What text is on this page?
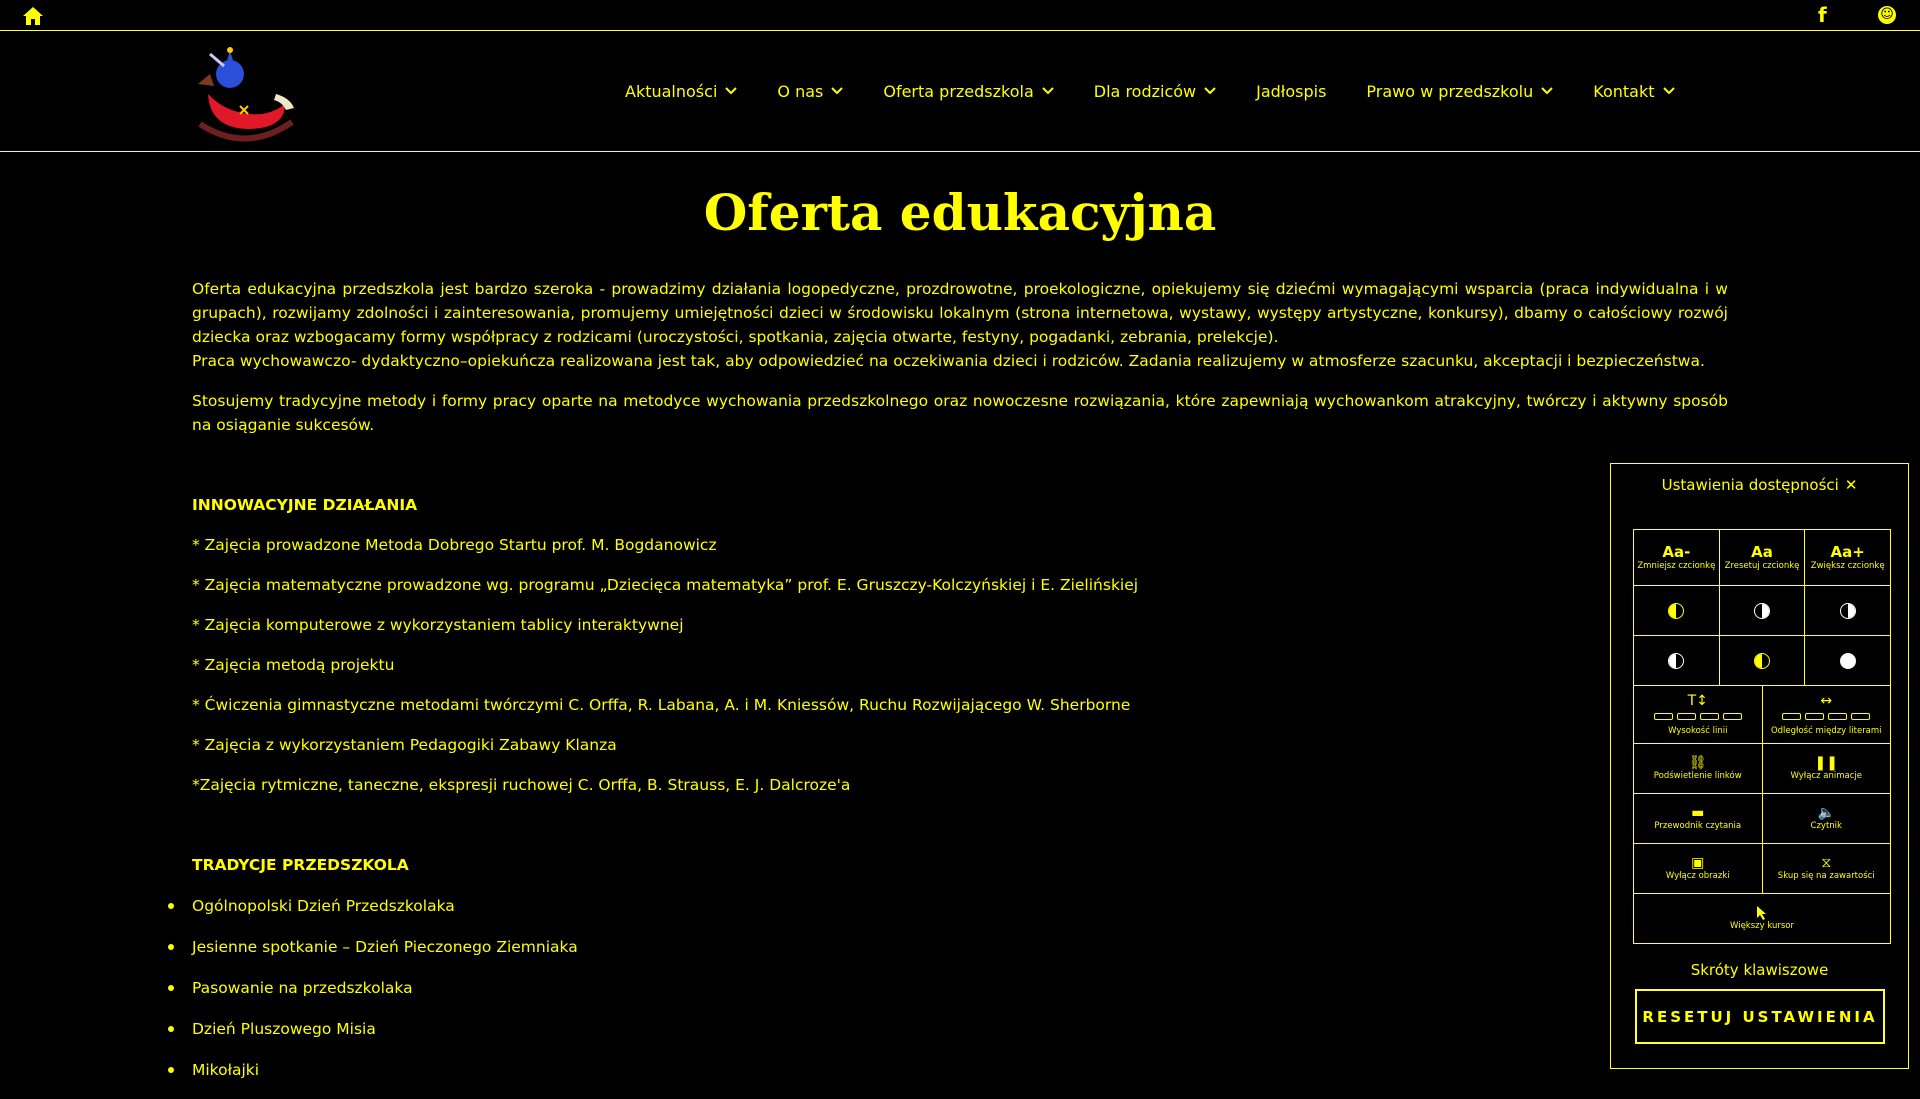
f	☺
Aktualności	O nas	Oferta przedszkola	Dla rodziców	Jadłospis	Prawo w przedszkolu	Kontakt
Oferta edukacyjna

Oferta edukacyjna przedszkola jest bardzo szeroka - prowadzimy działania logopedyczne, prozdrowotne, proekologiczne, opiekujemy się dziećmi wymagającymi wsparcia (praca indywidualna i w grupach), rozwijamy zdolności i zainteresowania, promujemy umiejętności dzieci w środowisku lokalnym (strona internetowa, wystawy, występy artystyczne, konkursy), dbamy o całościowy rozwój dziecka oraz wzbogacamy formy współpracy z rodzicami (uroczystości, spotkania, zajęcia otwarte, festyny, pogadanki, zebrania, prelekcje).

Praca wychowawczo- dydaktyczno–opiekuńcza realizowana jest tak, aby odpowiedzieć na oczekiwania dzieci i rodziców. Zadania realizujemy w atmosferze szacunku, akceptacji i bezpieczeństwa.

Stosujemy tradycyjne metody i formy pracy oparte na metodyce wychowania przedszkolnego oraz nowoczesne rozwiązania, które zapewniają wychowankom atrakcyjny, twórczy i aktywny sposób na osiąganie sukcesów.

INNOWACYJNE DZIAŁANIA

* Zajęcia prowadzone Metoda Dobrego Startu prof. M. Bogdanowicz

* Zajęcia matematyczne prowadzone wg. programu „Dziecięca matematyka” prof. E. Gruszczy-Kolczyńskiej i E. Zielińskiej

* Zajęcia komputerowe z wykorzystaniem tablicy interaktywnej

* Zajęcia metodą projektu

* Ćwiczenia gimnastyczne metodami twórczymi C. Orffa, R. Labana, A. i M. Kniessów, Ruchu Rozwijającego W. Sherborne

* Zajęcia z wykorzystaniem Pedagogiki Zabawy Klanza

*Zajęcia rytmiczne, taneczne, ekspresji ruchowej C. Orffa, B. Strauss, E. J. Dalcroze'a

TRADYCJE PRZEDSZKOLA

Ogólnopolski Dzień Przedszkolaka
Jesienne spotkanie – Dzień Pieczonego Ziemniaka
Pasowanie na przedszkolaka
Dzień Pluszowego Misia
Mikołajki
Ustawienia dostępności ✕
Aa-
Zmniejsz czcionkę
Aa
Zresetuj czcionkę
Aa+
Zwiększ czcionkę
T↕
Wysokość linii
↔
Odległość między literami
⛓
Podświetlenie linków
❚❚
Wyłącz animacje
▬
Przewodnik czytania
🔈
Czytnik
▣
Wyłącz obrazki
⧖
Skup się na zawartości
Większy kursor
Skróty klawiszowe
RESETUJ USTAWIENIA
